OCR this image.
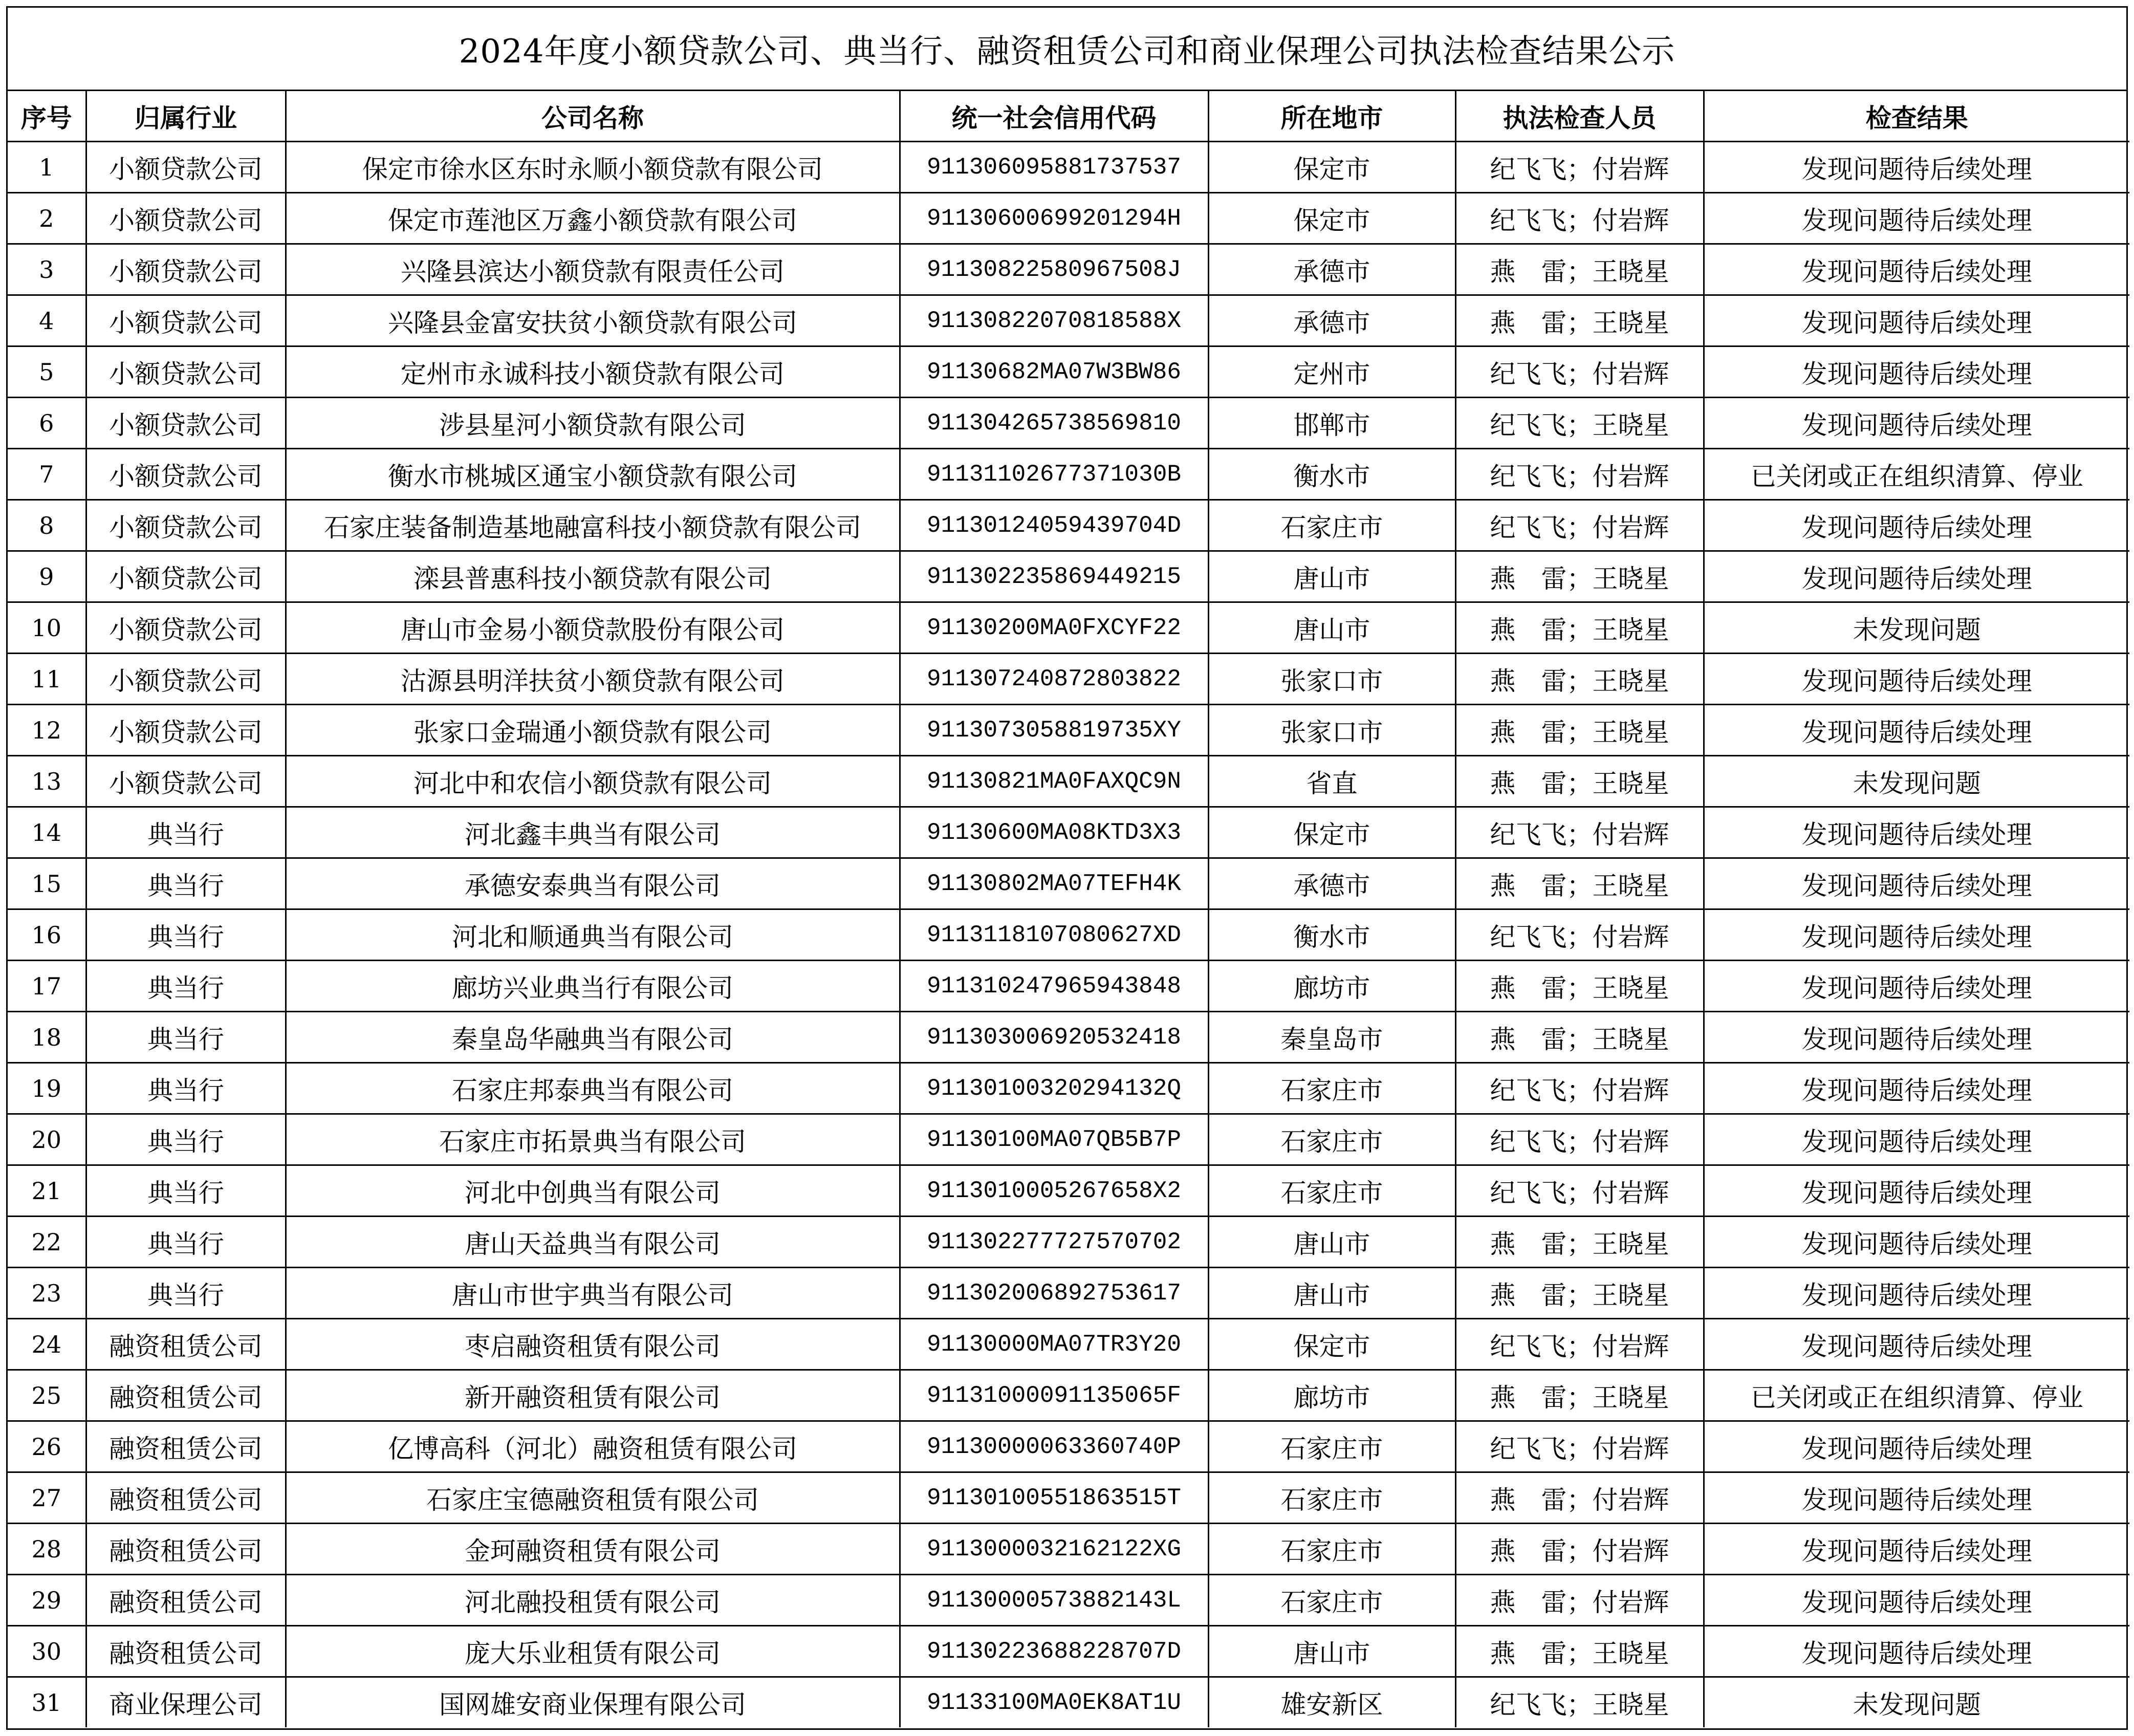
2024年度小额贷款公司、典当行、融资租赁公司和商业保理公司执法检查结果公示
序号	归属行业	公司名称	统一社会信用代码	所在地市	执法检查人员	检查结果
1	小额贷款公司	保定市徐水区东时永顺小额贷款有限公司	911306095881737537	保定市	纪飞飞；付岩辉	发现问题待后续处理
2	小额贷款公司	保定市莲池区万鑫小额贷款有限公司	91130600699201294H	保定市	纪飞飞；付岩辉	发现问题待后续处理
3	小额贷款公司	兴隆县滨达小额贷款有限责任公司	91130822580967508J	承德市	燕　雷；王晓星	发现问题待后续处理
4	小额贷款公司	兴隆县金富安扶贫小额贷款有限公司	91130822070818588X	承德市	燕　雷；王晓星	发现问题待后续处理
5	小额贷款公司	定州市永诚科技小额贷款有限公司	91130682MA07W3BW86	定州市	纪飞飞；付岩辉	发现问题待后续处理
6	小额贷款公司	涉县星河小额贷款有限公司	911304265738569810	邯郸市	纪飞飞；王晓星	发现问题待后续处理
7	小额贷款公司	衡水市桃城区通宝小额贷款有限公司	91131102677371030B	衡水市	纪飞飞；付岩辉	已关闭或正在组织清算、停业
8	小额贷款公司	石家庄装备制造基地融富科技小额贷款有限公司	91130124059439704D	石家庄市	纪飞飞；付岩辉	发现问题待后续处理
9	小额贷款公司	滦县普惠科技小额贷款有限公司	911302235869449215	唐山市	燕　雷；王晓星	发现问题待后续处理
10	小额贷款公司	唐山市金易小额贷款股份有限公司	91130200MA0FXCYF22	唐山市	燕　雷；王晓星	未发现问题
11	小额贷款公司	沽源县明洋扶贫小额贷款有限公司	911307240872803822	张家口市	燕　雷；王晓星	发现问题待后续处理
12	小额贷款公司	张家口金瑞通小额贷款有限公司	9113073058819735XY	张家口市	燕　雷；王晓星	发现问题待后续处理
13	小额贷款公司	河北中和农信小额贷款有限公司	91130821MA0FAXQC9N	省直	燕　雷；王晓星	未发现问题
14	典当行	河北鑫丰典当有限公司	91130600MA08KTD3X3	保定市	纪飞飞；付岩辉	发现问题待后续处理
15	典当行	承德安泰典当有限公司	91130802MA07TEFH4K	承德市	燕　雷；王晓星	发现问题待后续处理
16	典当行	河北和顺通典当有限公司	9113118107080627XD	衡水市	纪飞飞；付岩辉	发现问题待后续处理
17	典当行	廊坊兴业典当行有限公司	911310247965943848	廊坊市	燕　雷；王晓星	发现问题待后续处理
18	典当行	秦皇岛华融典当有限公司	911303006920532418	秦皇岛市	燕　雷；王晓星	发现问题待后续处理
19	典当行	石家庄邦泰典当有限公司	91130100320294132Q	石家庄市	纪飞飞；付岩辉	发现问题待后续处理
20	典当行	石家庄市拓景典当有限公司	91130100MA07QB5B7P	石家庄市	纪飞飞；付岩辉	发现问题待后续处理
21	典当行	河北中创典当有限公司	9113010005267658X2	石家庄市	纪飞飞；付岩辉	发现问题待后续处理
22	典当行	唐山天益典当有限公司	911302277727570702	唐山市	燕　雷；王晓星	发现问题待后续处理
23	典当行	唐山市世宇典当有限公司	911302006892753617	唐山市	燕　雷；王晓星	发现问题待后续处理
24	融资租赁公司	枣启融资租赁有限公司	91130000MA07TR3Y20	保定市	纪飞飞；付岩辉	发现问题待后续处理
25	融资租赁公司	新开融资租赁有限公司	91131000091135065F	廊坊市	燕　雷；王晓星	已关闭或正在组织清算、停业
26	融资租赁公司	亿博高科（河北）融资租赁有限公司	91130000063360740P	石家庄市	纪飞飞；付岩辉	发现问题待后续处理
27	融资租赁公司	石家庄宝德融资租赁有限公司	91130100551863515T	石家庄市	燕　雷；付岩辉	发现问题待后续处理
28	融资租赁公司	金珂融资租赁有限公司	9113000032162122XG	石家庄市	燕　雷；付岩辉	发现问题待后续处理
29	融资租赁公司	河北融投租赁有限公司	91130000573882143L	石家庄市	燕　雷；付岩辉	发现问题待后续处理
30	融资租赁公司	庞大乐业租赁有限公司	91130223688228707D	唐山市	燕　雷；王晓星	发现问题待后续处理
31	商业保理公司	国网雄安商业保理有限公司	91133100MA0EK8AT1U	雄安新区	纪飞飞；王晓星	未发现问题
